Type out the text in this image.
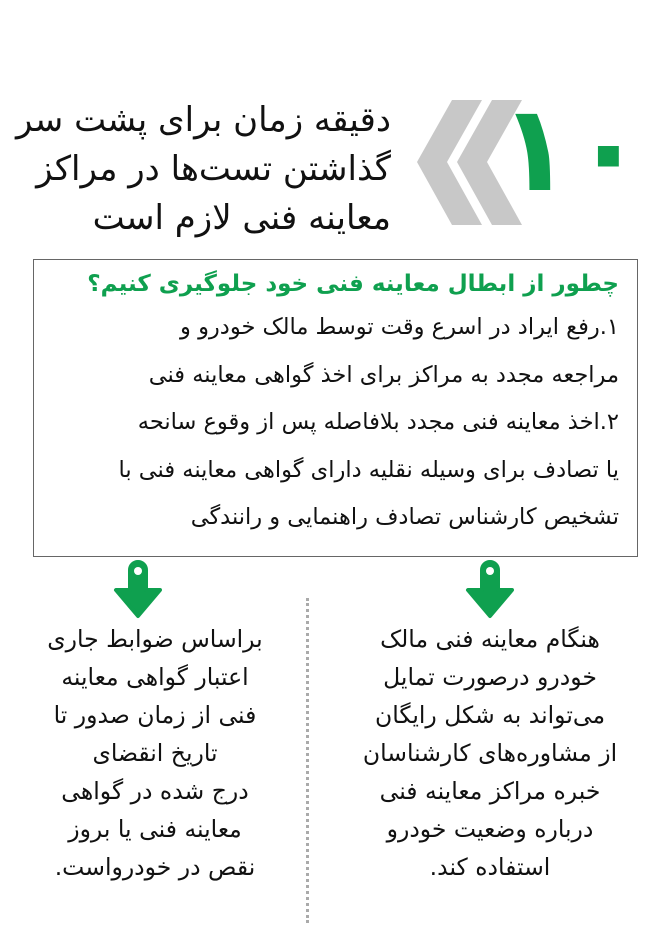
۱۰
دقیقه زمان برای پشت سر
گذاشتن تست‌ها در مراکز
معاینه فنی لازم است
چطور از ابطال معاینه فنی خود جلوگیری کنیم؟
۱.رفع ایراد در اسرع وقت توسط مالک خودرو و
مراجعه مجدد به مراکز برای اخذ گواهی معاینه فنی
۲.اخذ معاینه فنی مجدد بلافاصله پس از وقوع سانحه
یا تصادف برای وسیله نقلیه دارای گواهی معاینه فنی با
تشخیص کارشناس تصادف راهنمایی و رانندگی
هنگام معاینه فنی مالک
خودرو درصورت تمایل
می‌تواند به شکل رایگان
از مشاوره‌های کارشناسان
خبره مراکز معاینه فنی
درباره وضعیت خودرو
استفاده کند.
براساس ضوابط جاری
اعتبار گواهی معاینه
فنی از زمان صدور تا
تاریخ انقضای
درج شده در گواهی
معاینه فنی یا بروز
نقص در خودرواست.
